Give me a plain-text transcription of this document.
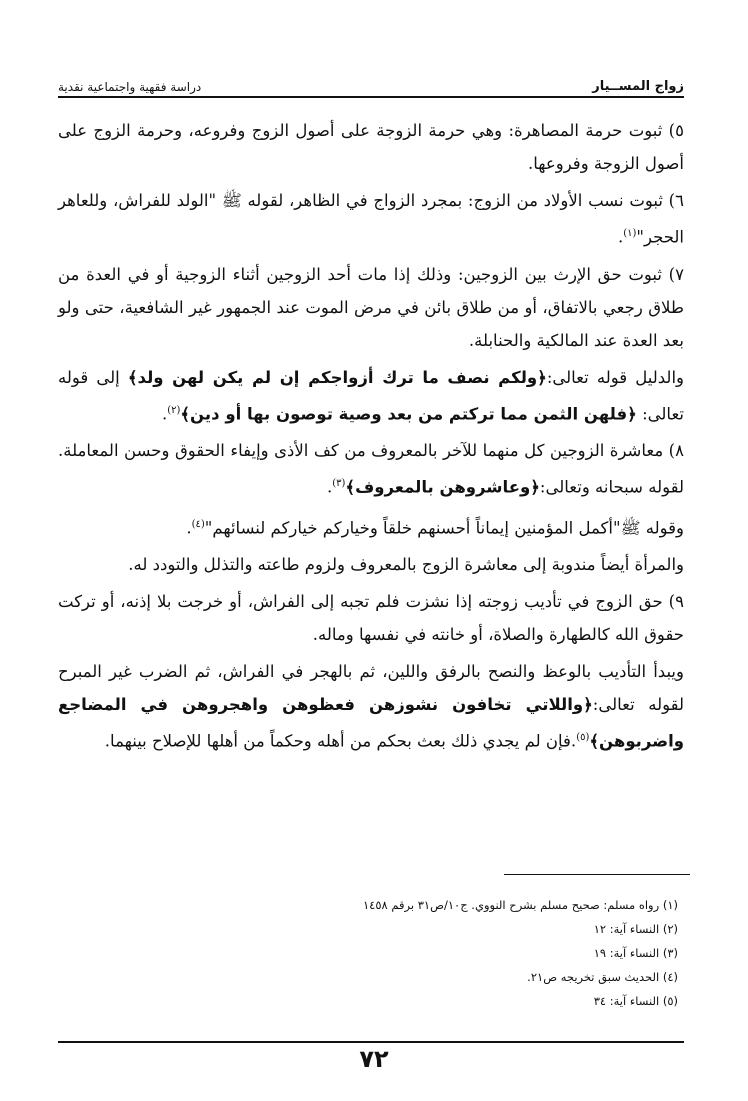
زواج المســيار
دراسة فقهية واجتماعية نقدية

٥) ثبوت حرمة المصاهرة: وهي حرمة الزوجة على أصول الزوج وفروعه، وحرمة الزوج على أصول الزوجة وفروعها.

٦) ثبوت نسب الأولاد من الزوج: بمجرد الزواج في الظاهر، لقوله ﷺ "الولد للفراش، وللعاهر الحجر"$^{(١)}$.

٧) ثبوت حق الإرث بين الزوجين: وذلك إذا مات أحد الزوجين أثناء الزوجية أو في العدة من طلاق رجعي بالاتفاق، أو من طلاق بائن في مرض الموت عند الجمهور غير الشافعية، حتى ولو بعد العدة عند المالكية والحنابلة.

والدليل قوله تعالى:﴿ولكم نصف ما ترك أزواجكم إن لم يكن لهن ولد﴾ إلى قوله تعالى: ﴿فلهن الثمن مما تركتم من بعد وصية توصون بها أو دين﴾$^{(٢)}$.

٨) معاشرة الزوجين كل منهما للآخر بالمعروف من كف الأذى وإيفاء الحقوق وحسن المعاملة. لقوله سبحانه وتعالى:﴿وعاشروهن بالمعروف﴾$^{(٣)}$.

وقوله ﷺ"أكمل المؤمنين إيماناً أحسنهم خلقاً وخياركم خياركم لنسائهم"$^{(٤)}$.

والمرأة أيضاً مندوبة إلى معاشرة الزوج بالمعروف ولزوم طاعته والتذلل والتودد له.

٩) حق الزوج في تأديب زوجته إذا نشزت فلم تجبه إلى الفراش، أو خرجت بلا إذنه، أو تركت حقوق الله كالطهارة والصلاة، أو خانته في نفسها وماله.

ويبدأ التأديب بالوعظ والنصح بالرفق واللين، ثم بالهجر في الفراش، ثم الضرب غير المبرح لقوله تعالى:﴿واللاتي تخافون نشوزهن فعظوهن واهجروهن في المضاجع واضربوهن﴾$^{(٥)}$.فإن لم يجدي ذلك بعث بحكم من أهله وحكماً من أهلها للإصلاح بينهما.

(١) رواه مسلم: صحيح مسلم بشرح النووي. ج١٠/ص٣١ برقم ١٤٥٨
(٢) النساء آية: ١٢
(٣) النساء آية: ١٩
(٤) الحديث سبق تخريجه ص٢١.
(٥) النساء آية: ٣٤
٧٢
